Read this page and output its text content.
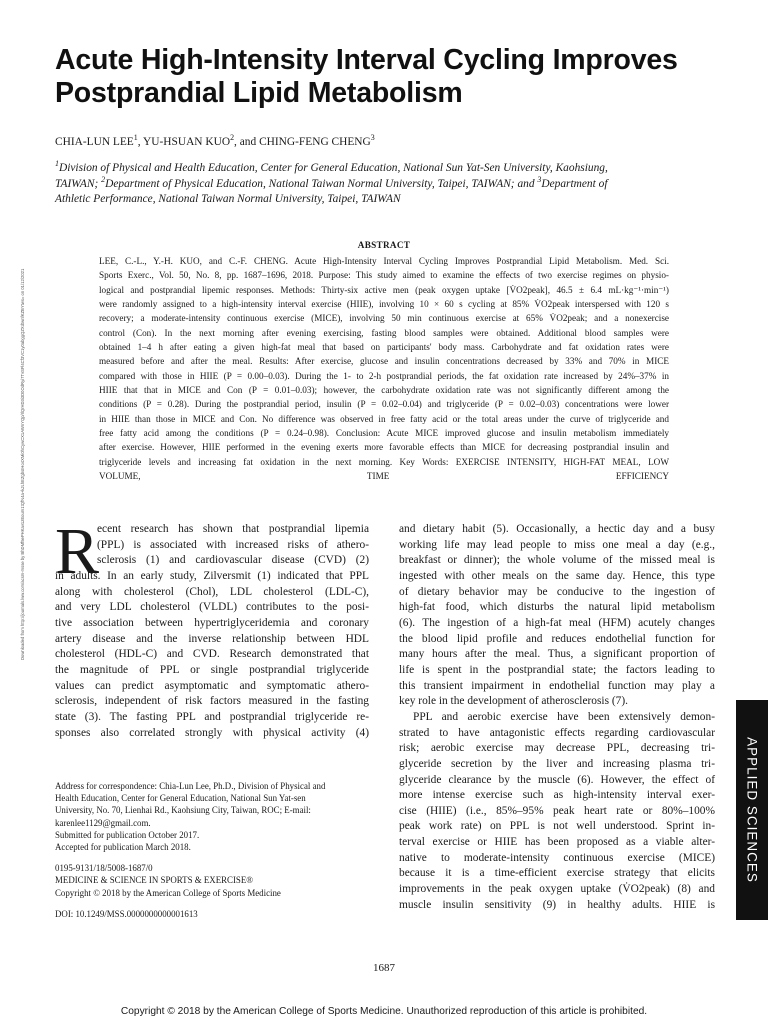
Downloaded from http://journals.lww.com/acsm-msse by BhDMf5ePHKav1zEoum1tQfN4a+kJLhEZgbsIHo4XMi0hCywCX1AWnYQp/IlQrHD3i3D0OdRyi7TvSFl4Cf3VC1y0abggQZXdtwnfKZBYtws= on 01/12/2021
Acute High-Intensity Interval Cycling Improves
Postprandial Lipid Metabolism
CHIA-LUN LEE$^1$, YU-HSUAN KUO$^2$, and CHING-FENG CHENG$^3$
$^1$Division of Physical and Health Education, Center for General Education, National Sun Yat-Sen University, Kaohsiung,
TAIWAN; $^2$Department of Physical Education, National Taiwan Normal University, Taipei, TAIWAN; and $^3$Department of
Athletic Performance, National Taiwan Normal University, Taipei, TAIWAN
ABSTRACT
LEE, C.-L., Y.-H. KUO, and C.-F. CHENG. Acute High-Intensity Interval Cycling Improves Postprandial Lipid Metabolism. Med. Sci.
Sports Exerc., Vol. 50, No. 8, pp. 1687–1696, 2018. Purpose: This study aimed to examine the effects of two exercise regimes on physio-
logical and postprandial lipemic responses. Methods: Thirty-six active men (peak oxygen uptake [V̇O2peak], 46.5 ± 6.4 mL·kg⁻¹·min⁻¹)
were randomly assigned to a high-intensity interval exercise (HIIE), involving 10 × 60 s cycling at 85% V̇O2peak interspersed with 120 s
recovery; a moderate-intensity continuous exercise (MICE), involving 50 min continuous exercise at 65% V̇O2peak; and a nonexercise
control (Con). In the next morning after evening exercising, fasting blood samples were obtained. Additional blood samples were
obtained 1–4 h after eating a given high-fat meal that based on participants' body mass. Carbohydrate and fat oxidation rates were
measured before and after the meal. Results: After exercise, glucose and insulin concentrations decreased by 33% and 70% in MICE
compared with those in HIIE (P = 0.00–0.03). During the 1- to 2-h postprandial periods, the fat oxidation rate increased by 24%–37% in
HIIE that that in MICE and Con (P = 0.01–0.03); however, the carbohydrate oxidation rate was not significantly different among the
conditions (P = 0.28). During the postprandial period, insulin (P = 0.02–0.04) and triglyceride (P = 0.02–0.03) concentrations were lower
in HIIE than those in MICE and Con. No difference was observed in free fatty acid or the total areas under the curve of triglyceride and
free fatty acid among the conditions (P = 0.24–0.98). Conclusion: Acute MICE improved glucose and insulin metabolism immediately
after exercise. However, HIIE performed in the evening exerts more favorable effects than MICE for decreasing postprandial insulin and
triglyceride levels and increasing fat oxidation in the next morning. Key Words: EXERCISE INTENSITY, HIGH-FAT MEAL, LOW
VOLUME, TIME EFFICIENCY
R
ecent research has shown that postprandial lipemia
(PPL) is associated with increased risks of athero-
sclerosis (1) and cardiovascular disease (CVD) (2)
in adults. In an early study, Zilversmit (1) indicated that PPL
along with cholesterol (Chol), LDL cholesterol (LDL-C),
and very LDL cholesterol (VLDL) contributes to the posi-
tive association between hypertriglyceridemia and coronary
artery disease and the inverse relationship between HDL
cholesterol (HDL-C) and CVD. Research demonstrated that
the magnitude of PPL or single postprandial triglyceride
values can predict asymptomatic and symptomatic athero-
sclerosis, independent of risk factors measured in the fasting
state (3). The fasting PPL and postprandial triglyceride re-
sponses also correlated strongly with physical activity (4)
and dietary habit (5). Occasionally, a hectic day and a busy
working life may lead people to miss one meal a day (e.g.,
breakfast or dinner); the whole volume of the missed meal is
ingested with other meals on the same day. Hence, this type
of dietary behavior may be conducive to the ingestion of
high-fat food, which disturbs the natural lipid metabolism
(6). The ingestion of a high-fat meal (HFM) acutely changes
the blood lipid profile and reduces endothelial function for
many hours after the meal. Thus, a significant proportion of
life is spent in the postprandial state; the factors leading to
this transient impairment in endothelial function may play a
key role in the development of atherosclerosis (7).
PPL and aerobic exercise have been extensively demon-
strated to have antagonistic effects regarding cardiovascular
risk; aerobic exercise may decrease PPL, decreasing tri-
glyceride secretion by the liver and increasing plasma tri-
glyceride clearance by the muscle (6). However, the effect of
more intense exercise such as high-intensity interval exer-
cise (HIIE) (i.e., 85%–95% peak heart rate or 80%–100%
peak work rate) on PPL is not well understood. Sprint in-
terval exercise or HIIE has been proposed as a viable alter-
native to moderate-intensity continuous exercise (MICE)
because it is a time-efficient exercise strategy that elicits
improvements in the peak oxygen uptake (V̇O2peak) (8) and
muscle insulin sensitivity (9) in healthy adults. HIIE is
Address for correspondence: Chia-Lun Lee, Ph.D., Division of Physical and
Health Education, Center for General Education, National Sun Yat-sen
University, No. 70, Lienhai Rd., Kaohsiung City, Taiwan, ROC; E-mail:
karenlee1129@gmail.com.
Submitted for publication October 2017.
Accepted for publication March 2018.
0195-9131/18/5008-1687/0
MEDICINE & SCIENCE IN SPORTS & EXERCISE®
Copyright © 2018 by the American College of Sports Medicine
DOI: 10.1249/MSS.0000000000001613
1687
Copyright © 2018 by the American College of Sports Medicine. Unauthorized reproduction of this article is prohibited.
APPLIED SCIENCES
